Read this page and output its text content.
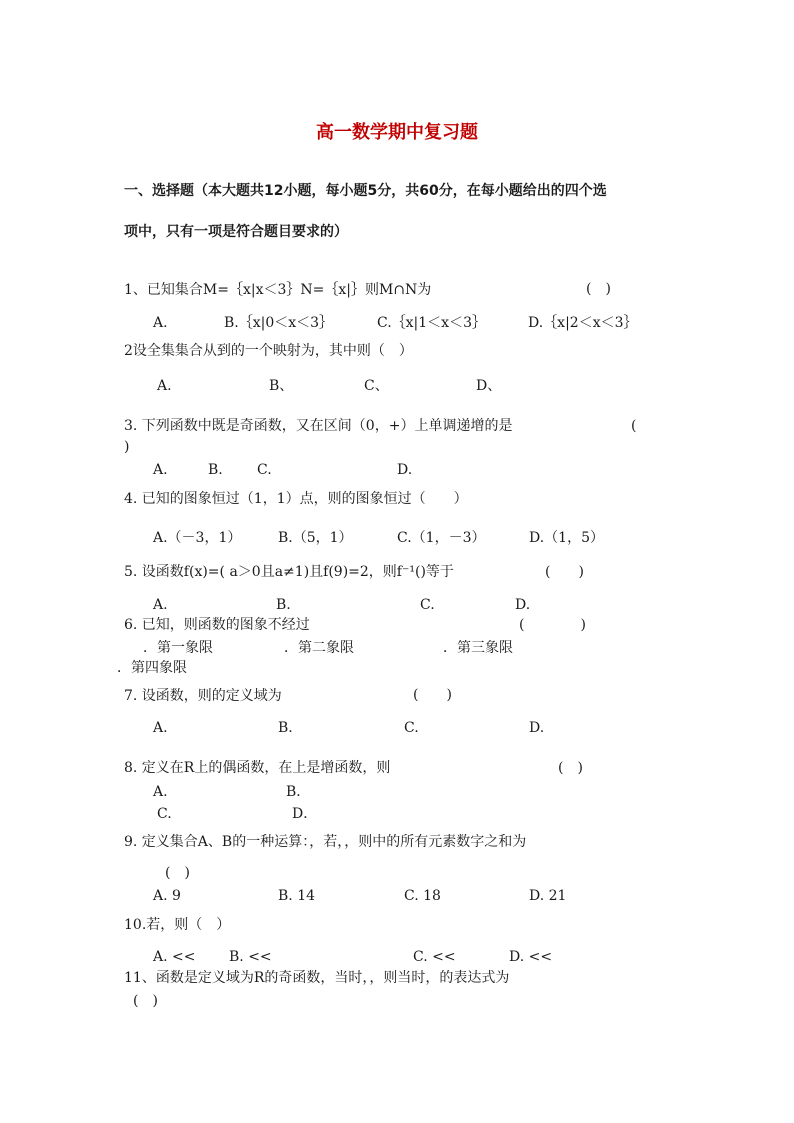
高一数学期中复习题
一、选择题（本大题共12小题，每小题5分，共60分，在每小题给出的四个选
项中，只有一项是符合题目要求的）
1、已知集合M=｛x|x＜3｝N=｛x|｝则M∩N为	(　)
A.	B.｛x|0＜x＜3｝	C.｛x|1＜x＜3｝	D.｛x|2＜x＜3｝
2设全集集合从到的一个映射为，其中则（　）
A.	B、	C、	D、
3. 下列函数中既是奇函数，又在区间（0，+）上单调递增的是	(
)
A.	B. C.	D.
4. 已知的图象恒过（1，1）点，则的图象恒过（　　）
A.（－3，1）	B.（5，1）	C.（1，－3）	D.（1，5）
5. 设函数f(x)=( a＞0且a≠1)且f(9)=2，则f⁻¹()等于	(　　)
A.	B.	C.	D.
6. 已知，则函数的图象不经过	(　　　　)
．第一象限	．第二象限	．第三象限
．第四象限
7. 设函数，则的定义域为	(　　)
A.	B.	C.	D.
8. 定义在R上的偶函数，在上是增函数，则	(　)
A.	B．
C.	D．
9. 定义集合A、B的一种运算：，若，，则中的所有元素数字之和为
(　)
A. 9	B. 14	C. 18	D. 21
10.若，则（　）
A. << B. <<	C. <<	D. <<
11、函数是定义域为R的奇函数，当时，，则当时，的表达式为
(　)
